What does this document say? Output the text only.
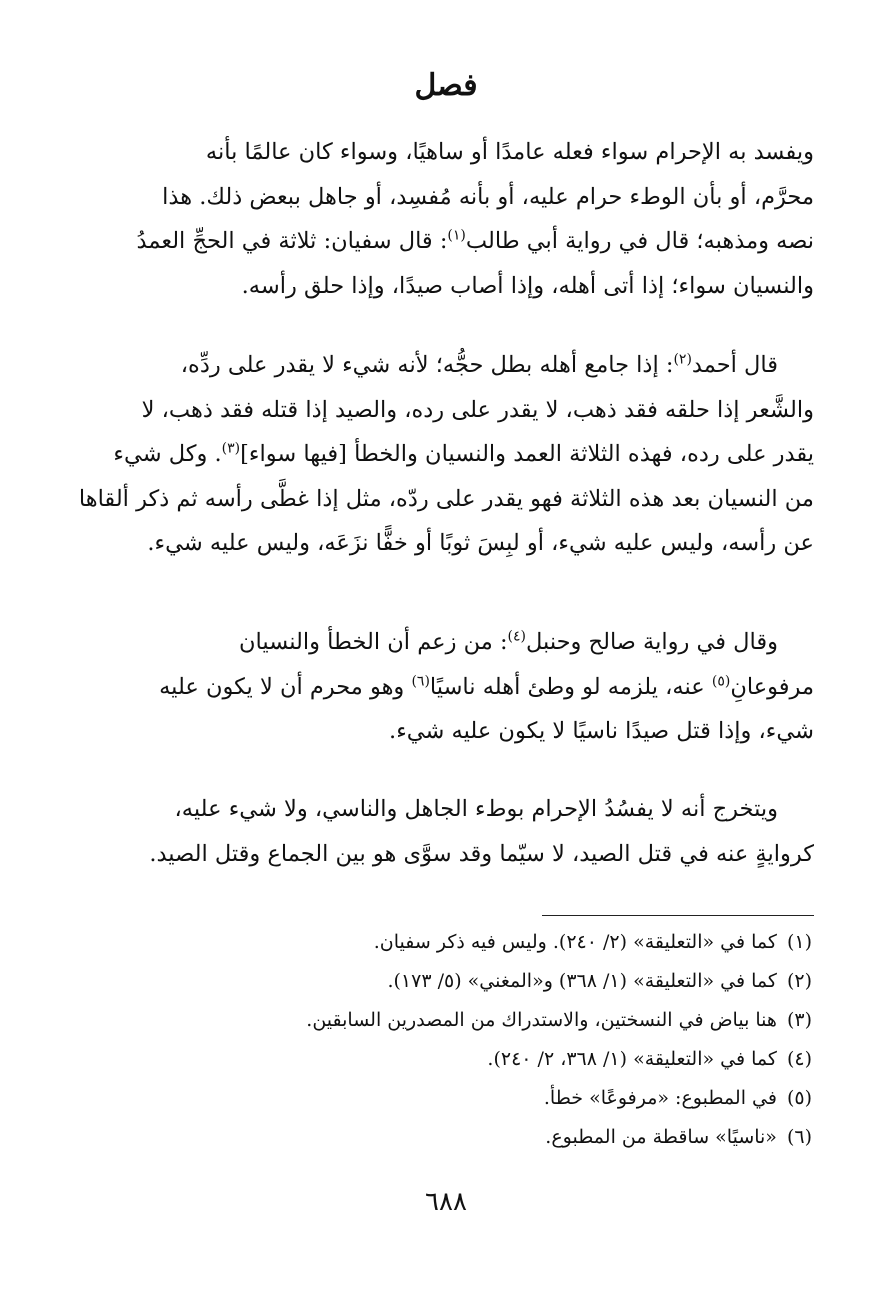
فصل
ويفسد به الإحرام سواء فعله عامدًا أو ساهيًا، وسواء كان عالمًا بأنه
محرَّم، أو بأن الوطء حرام عليه، أو بأنه مُفسِد، أو جاهل ببعض ذلك. هذا
نصه ومذهبه؛ قال في رواية أبي طالب$^{(١)}$: قال سفيان: ثلاثة في الحجِّ العمدُ
والنسيان سواء؛ إذا أتى أهله، وإذا أصاب صيدًا، وإذا حلق رأسه.
قال أحمد$^{(٢)}$: إذا جامع أهله بطل حجُّه؛ لأنه شيء لا يقدر على ردِّه،
والشَّعر إذا حلقه فقد ذهب، لا يقدر على رده، والصيد إذا قتله فقد ذهب، لا
يقدر على رده، فهذه الثلاثة العمد والنسيان والخطأ [فيها سواء]$^{(٣)}$. وكل شيء
من النسيان بعد هذه الثلاثة فهو يقدر على ردّه، مثل إذا غطَّى رأسه ثم ذكر ألقاها
عن رأسه، وليس عليه شيء، أو لبِسَ ثوبًا أو خفًّا نزَعَه، وليس عليه شيء.
وقال في رواية صالح وحنبل$^{(٤)}$: من زعم أن الخطأ والنسيان
مرفوعانِ$^{(٥)}$ عنه، يلزمه لو وطئ أهله ناسيًا$^{(٦)}$ وهو محرم أن لا يكون عليه
شيء، وإذا قتل صيدًا ناسيًا لا يكون عليه شيء.
ويتخرج أنه لا يفسُدُ الإحرام بوطء الجاهل والناسي، ولا شيء عليه،
كروايةٍ عنه في قتل الصيد، لا سيّما وقد سوَّى هو بين الجماع وقتل الصيد.
(١)كما في «التعليقة» (٢/ ٢٤٠). وليس فيه ذكر سفيان.
(٢)كما في «التعليقة» (١/ ٣٦٨) و«المغني» (٥/ ١٧٣).
(٣)هنا بياض في النسختين، والاستدراك من المصدرين السابقين.
(٤)كما في «التعليقة» (١/ ٣٦٨، ٢/ ٢٤٠).
(٥)في المطبوع: «مرفوعًا» خطأ.
(٦)«ناسيًا» ساقطة من المطبوع.
٦٨٨
